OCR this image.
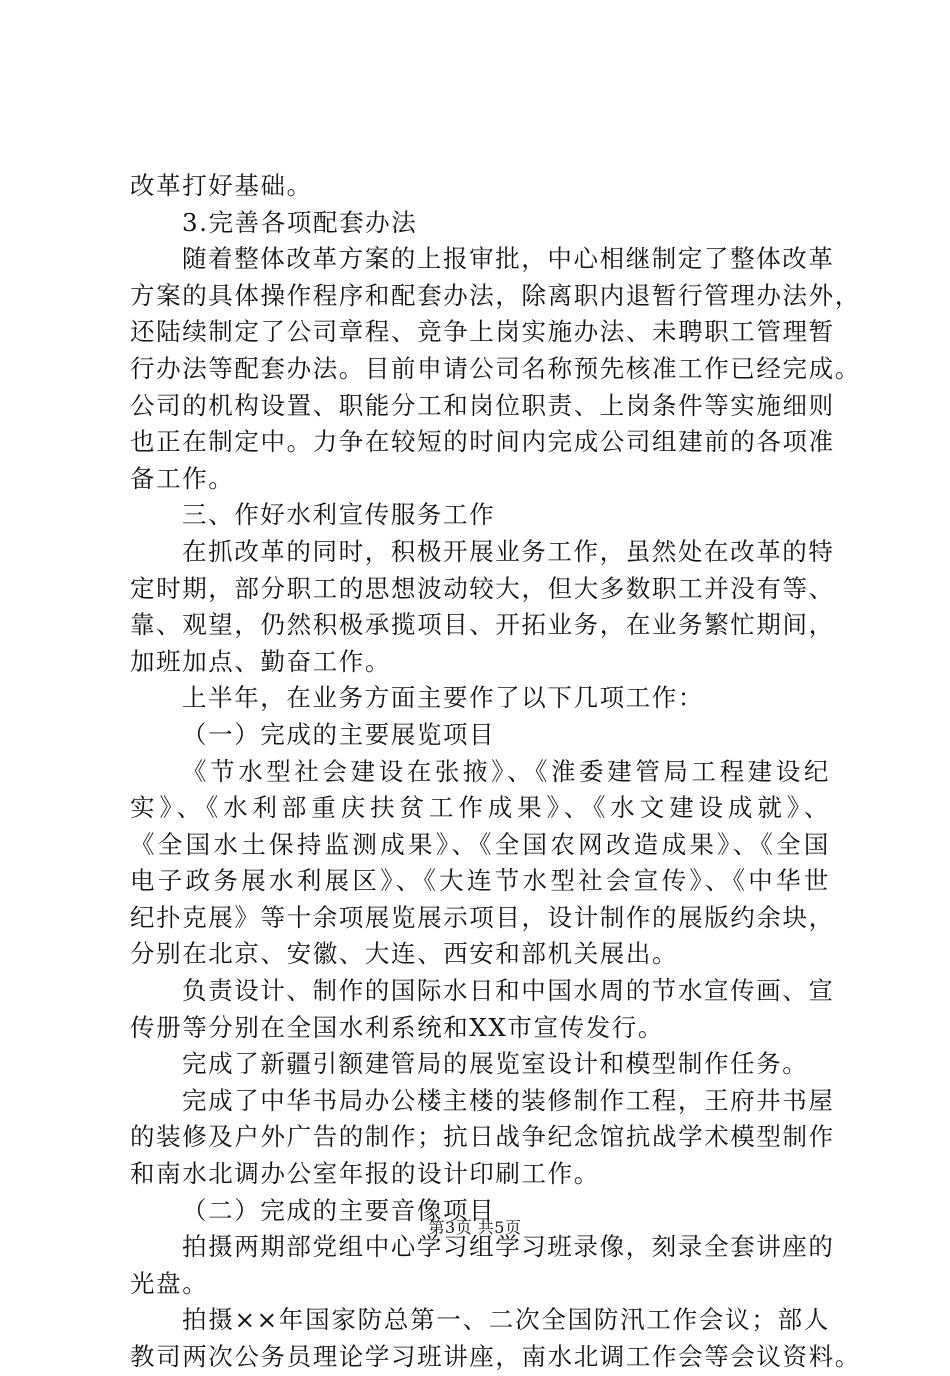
改革打好基础。
3.完善各项配套办法
随着整体改革方案的上报审批，中心相继制定了整体改革
方案的具体操作程序和配套办法，除离职内退暂行管理办法外，
还陆续制定了公司章程、竞争上岗实施办法、未聘职工管理暂
行办法等配套办法。目前申请公司名称预先核准工作已经完成。
公司的机构设置、职能分工和岗位职责、上岗条件等实施细则
也正在制定中。力争在较短的时间内完成公司组建前的各项准
备工作。
三、作好水利宣传服务工作
在抓改革的同时，积极开展业务工作，虽然处在改革的特
定时期，部分职工的思想波动较大，但大多数职工并没有等、
靠、观望，仍然积极承揽项目、开拓业务，在业务繁忙期间，
加班加点、勤奋工作。
上半年，在业务方面主要作了以下几项工作：
（一）完成的主要展览项目
《节水型社会建设在张掖》、《淮委建管局工程建设纪
实》、《水利部重庆扶贫工作成果》、《水文建设成就》、
《全国水土保持监测成果》、《全国农网改造成果》、《全国
电子政务展水利展区》、《大连节水型社会宣传》、《中华世
纪扑克展》等十余项展览展示项目，设计制作的展版约余块，
分别在北京、安徽、大连、西安和部机关展出。
负责设计、制作的国际水日和中国水周的节水宣传画、宣
传册等分别在全国水利系统和XX市宣传发行。
完成了新疆引额建管局的展览室设计和模型制作任务。
完成了中华书局办公楼主楼的装修制作工程，王府井书屋
的装修及户外广告的制作；抗日战争纪念馆抗战学术模型制作
和南水北调办公室年报的设计印刷工作。
（二）完成的主要音像项目
拍摄两期部党组中心学习组学习班录像，刻录全套讲座的
光盘。
拍摄××年国家防总第一、二次全国防汛工作会议；部人
教司两次公务员理论学习班讲座，南水北调工作会等会议资料。
第3页 共5页
